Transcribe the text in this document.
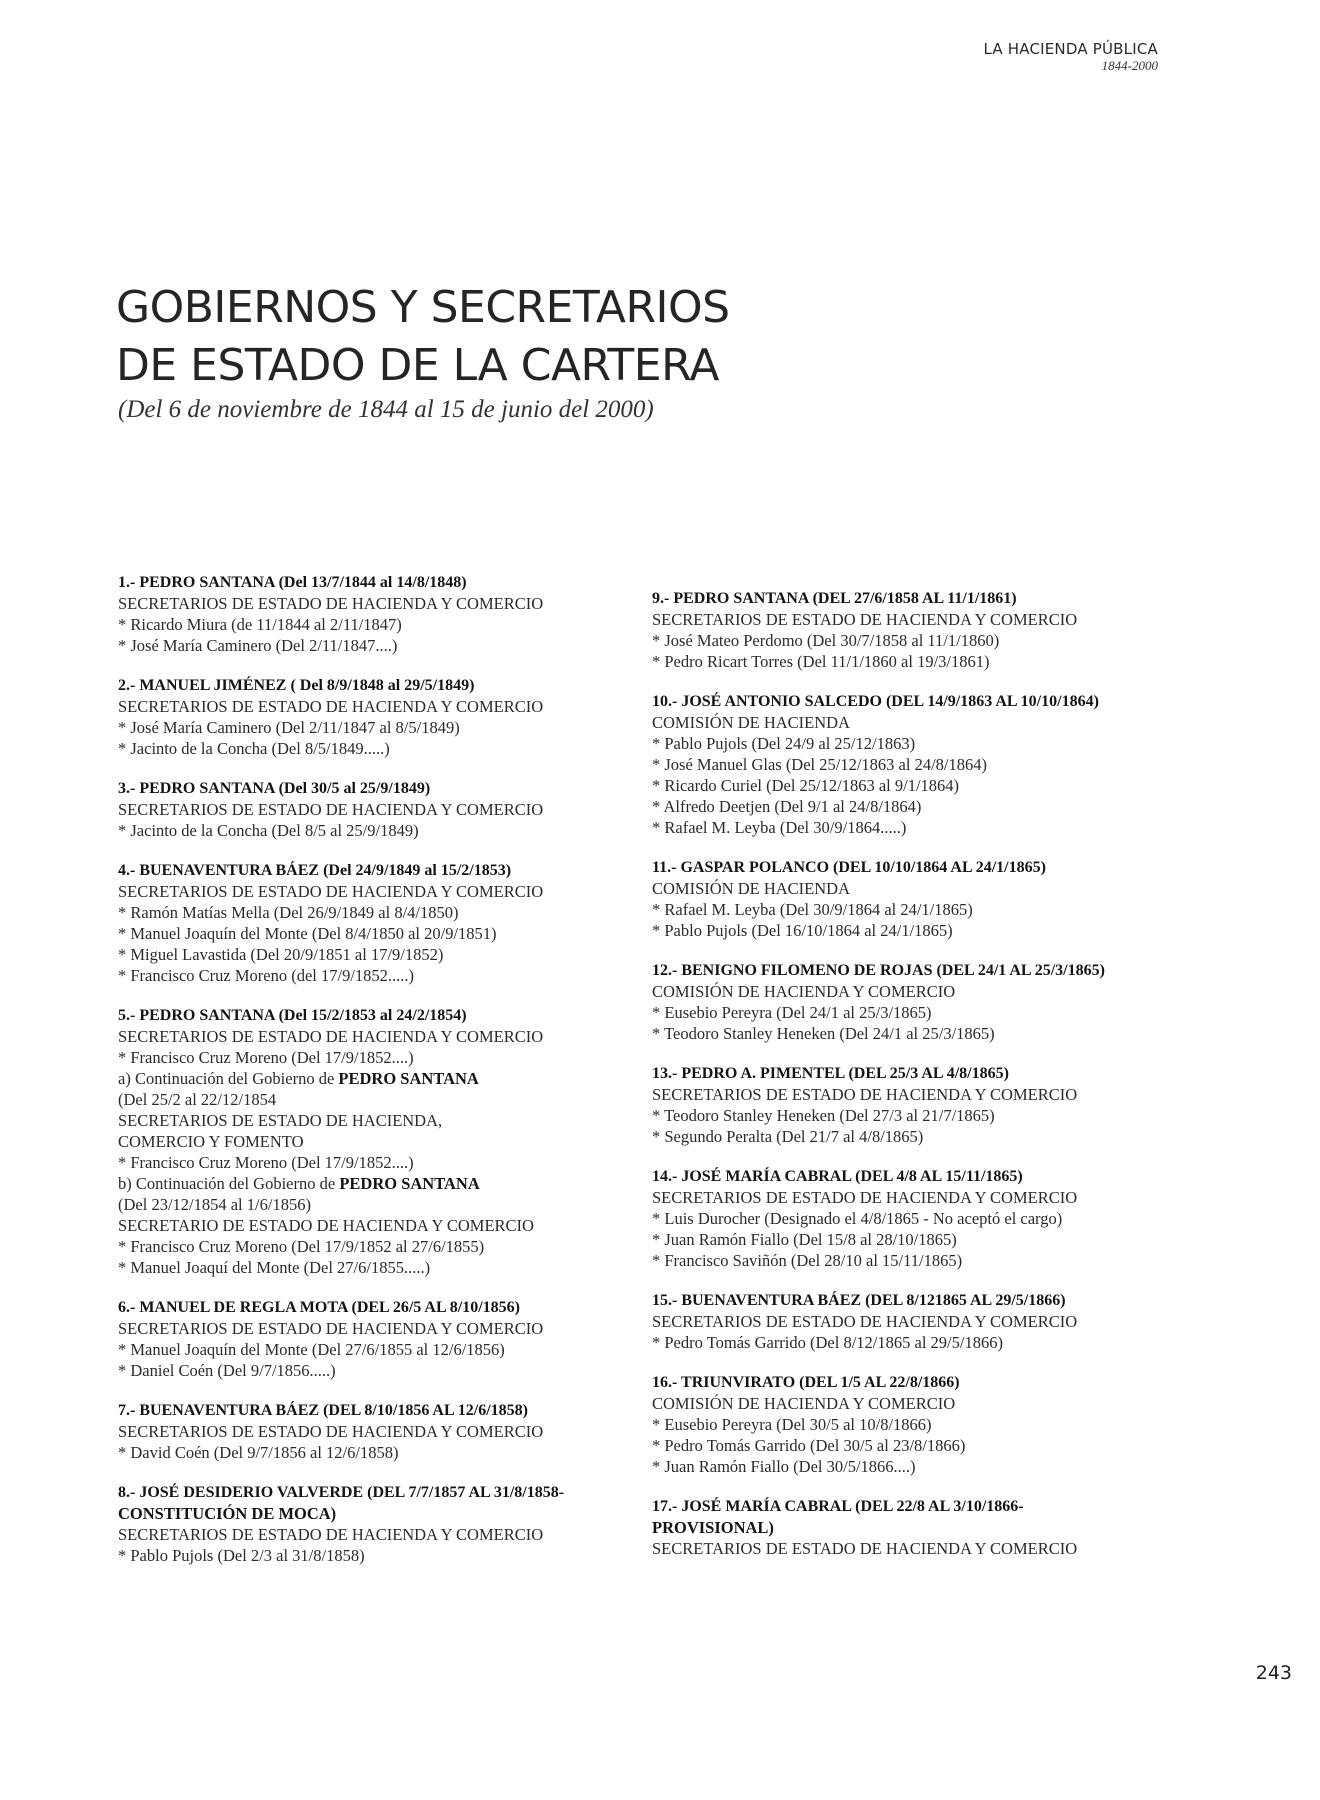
LA HACIENDA PÚBLICA
1844-2000
GOBIERNOS Y SECRETARIOS
DE ESTADO DE LA CARTERA
(Del 6 de noviembre de 1844 al 15 de junio del 2000)
1.- PEDRO SANTANA (Del 13/7/1844 al 14/8/1848)
SECRETARIOS DE ESTADO DE HACIENDA Y COMERCIO
* Ricardo Miura (de 11/1844 al 2/11/1847)
* José María Caminero (Del 2/11/1847....)
2.- MANUEL JIMÉNEZ ( Del 8/9/1848 al 29/5/1849)
SECRETARIOS DE ESTADO DE HACIENDA Y COMERCIO
* José María Caminero (Del 2/11/1847 al 8/5/1849)
* Jacinto de la Concha (Del 8/5/1849.....)
3.- PEDRO SANTANA (Del 30/5 al 25/9/1849)
SECRETARIOS DE ESTADO DE HACIENDA Y COMERCIO
* Jacinto de la Concha (Del 8/5 al 25/9/1849)
4.- BUENAVENTURA BÁEZ (Del 24/9/1849 al 15/2/1853)
SECRETARIOS DE ESTADO DE HACIENDA Y COMERCIO
* Ramón Matías Mella (Del 26/9/1849 al 8/4/1850)
* Manuel Joaquín del Monte (Del 8/4/1850 al 20/9/1851)
* Miguel Lavastida (Del 20/9/1851 al 17/9/1852)
* Francisco Cruz Moreno (del 17/9/1852.....)
5.- PEDRO SANTANA (Del 15/2/1853 al 24/2/1854)
SECRETARIOS DE ESTADO DE HACIENDA Y COMERCIO
* Francisco Cruz Moreno (Del 17/9/1852....)
a) Continuación del Gobierno de PEDRO SANTANA
(Del 25/2 al 22/12/1854
SECRETARIOS DE ESTADO DE HACIENDA,
COMERCIO Y FOMENTO
* Francisco Cruz Moreno (Del 17/9/1852....)
b) Continuación del Gobierno de PEDRO SANTANA
(Del 23/12/1854 al 1/6/1856)
SECRETARIO DE ESTADO DE HACIENDA Y COMERCIO
* Francisco Cruz Moreno (Del 17/9/1852 al 27/6/1855)
* Manuel Joaquí del Monte (Del 27/6/1855.....)
6.- MANUEL DE REGLA MOTA (DEL 26/5 AL 8/10/1856)
SECRETARIOS DE ESTADO DE HACIENDA Y COMERCIO
* Manuel Joaquín del Monte (Del 27/6/1855 al 12/6/1856)
* Daniel Coén (Del 9/7/1856.....)
7.- BUENAVENTURA BÁEZ (DEL 8/10/1856 AL 12/6/1858)
SECRETARIOS DE ESTADO DE HACIENDA Y COMERCIO
* David Coén (Del 9/7/1856 al 12/6/1858)
8.- JOSÉ DESIDERIO VALVERDE (DEL 7/7/1857 AL 31/8/1858-
CONSTITUCIÓN DE MOCA)
SECRETARIOS DE ESTADO DE HACIENDA Y COMERCIO
* Pablo Pujols (Del 2/3 al 31/8/1858)
9.- PEDRO SANTANA (DEL 27/6/1858 AL 11/1/1861)
SECRETARIOS DE ESTADO DE HACIENDA Y COMERCIO
* José Mateo Perdomo (Del 30/7/1858 al 11/1/1860)
* Pedro Ricart Torres (Del 11/1/1860 al 19/3/1861)
10.- JOSÉ ANTONIO SALCEDO (DEL 14/9/1863 AL 10/10/1864)
COMISIÓN DE HACIENDA
* Pablo Pujols (Del 24/9 al 25/12/1863)
* José Manuel Glas (Del 25/12/1863 al 24/8/1864)
* Ricardo Curiel (Del 25/12/1863 al 9/1/1864)
* Alfredo Deetjen (Del 9/1 al 24/8/1864)
* Rafael M. Leyba (Del 30/9/1864.....)
11.- GASPAR POLANCO (DEL 10/10/1864 AL 24/1/1865)
COMISIÓN DE HACIENDA
* Rafael M. Leyba (Del 30/9/1864 al 24/1/1865)
* Pablo Pujols (Del 16/10/1864 al 24/1/1865)
12.- BENIGNO FILOMENO DE ROJAS (DEL 24/1 AL 25/3/1865)
COMISIÓN DE HACIENDA Y COMERCIO
* Eusebio Pereyra (Del 24/1 al 25/3/1865)
* Teodoro Stanley Heneken (Del 24/1 al 25/3/1865)
13.- PEDRO A. PIMENTEL (DEL 25/3 AL 4/8/1865)
SECRETARIOS DE ESTADO DE HACIENDA Y COMERCIO
* Teodoro Stanley Heneken (Del 27/3 al 21/7/1865)
* Segundo Peralta (Del 21/7 al 4/8/1865)
14.- JOSÉ MARÍA CABRAL (DEL 4/8 AL 15/11/1865)
SECRETARIOS DE ESTADO DE HACIENDA Y COMERCIO
* Luis Durocher (Designado el 4/8/1865 - No aceptó el cargo)
* Juan Ramón Fiallo (Del 15/8 al 28/10/1865)
* Francisco Saviñón (Del 28/10 al 15/11/1865)
15.- BUENAVENTURA BÁEZ (DEL 8/121865 AL 29/5/1866)
SECRETARIOS DE ESTADO DE HACIENDA Y COMERCIO
* Pedro Tomás Garrido (Del 8/12/1865 al 29/5/1866)
16.- TRIUNVIRATO (DEL 1/5 AL 22/8/1866)
COMISIÓN DE HACIENDA Y COMERCIO
* Eusebio Pereyra (Del 30/5 al 10/8/1866)
* Pedro Tomás Garrido (Del 30/5 al 23/8/1866)
* Juan Ramón Fiallo (Del 30/5/1866....)
17.- JOSÉ MARÍA CABRAL (DEL 22/8 AL 3/10/1866-
PROVISIONAL)
SECRETARIOS DE ESTADO DE HACIENDA Y COMERCIO
243
